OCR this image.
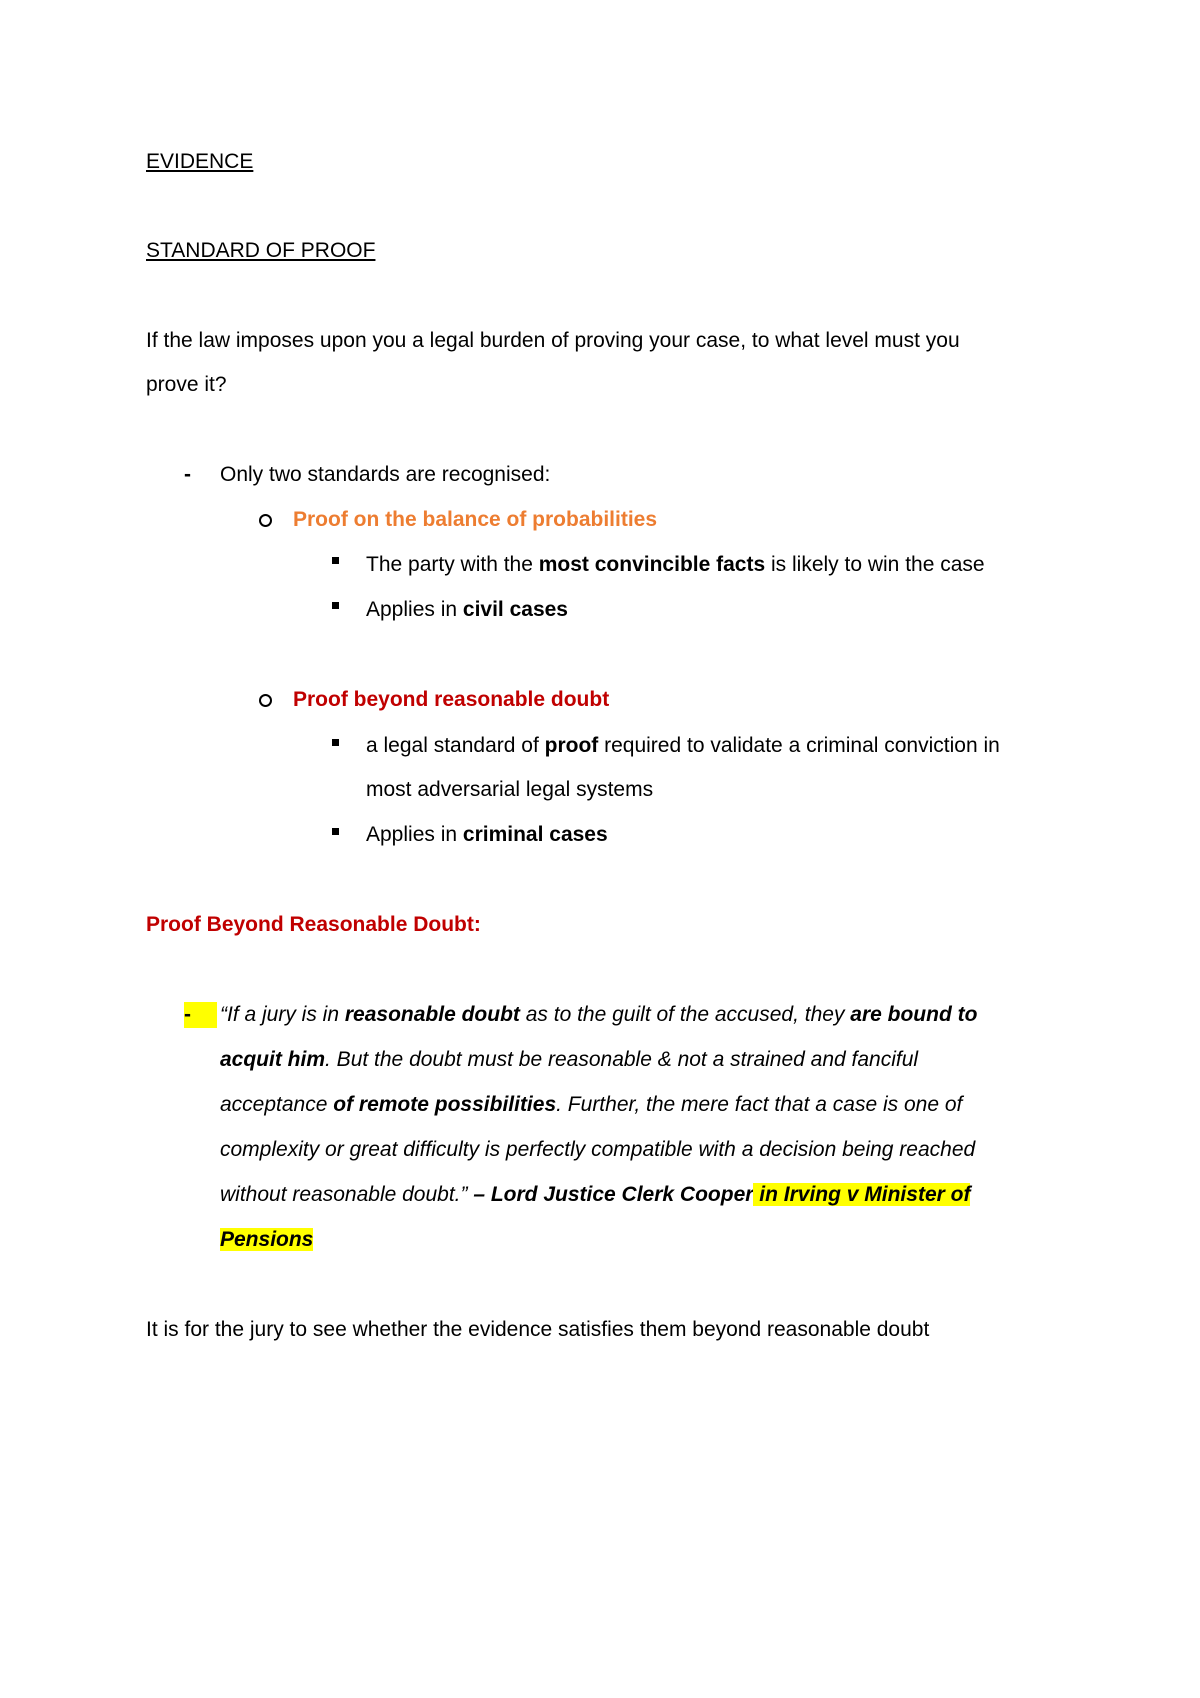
EVIDENCE
STANDARD OF PROOF
If the law imposes upon you a legal burden of proving your case, to what level must you
prove it?
- Only two standards are recognised:
Proof on the balance of probabilities
The party with the most convincible facts is likely to win the case
Applies in civil cases
Proof beyond reasonable doubt
a legal standard of proof required to validate a criminal conviction in
most adversarial legal systems
Applies in criminal cases
Proof Beyond Reasonable Doubt:
-	“If a jury is in reasonable doubt as to the guilt of the accused, they are bound to
acquit him. But the doubt must be reasonable & not a strained and fanciful
acceptance of remote possibilities. Further, the mere fact that a case is one of
complexity or great difficulty is perfectly compatible with a decision being reached
without reasonable doubt.” – Lord Justice Clerk Cooper in Irving v Minister of
Pensions
It is for the jury to see whether the evidence satisfies them beyond reasonable doubt
